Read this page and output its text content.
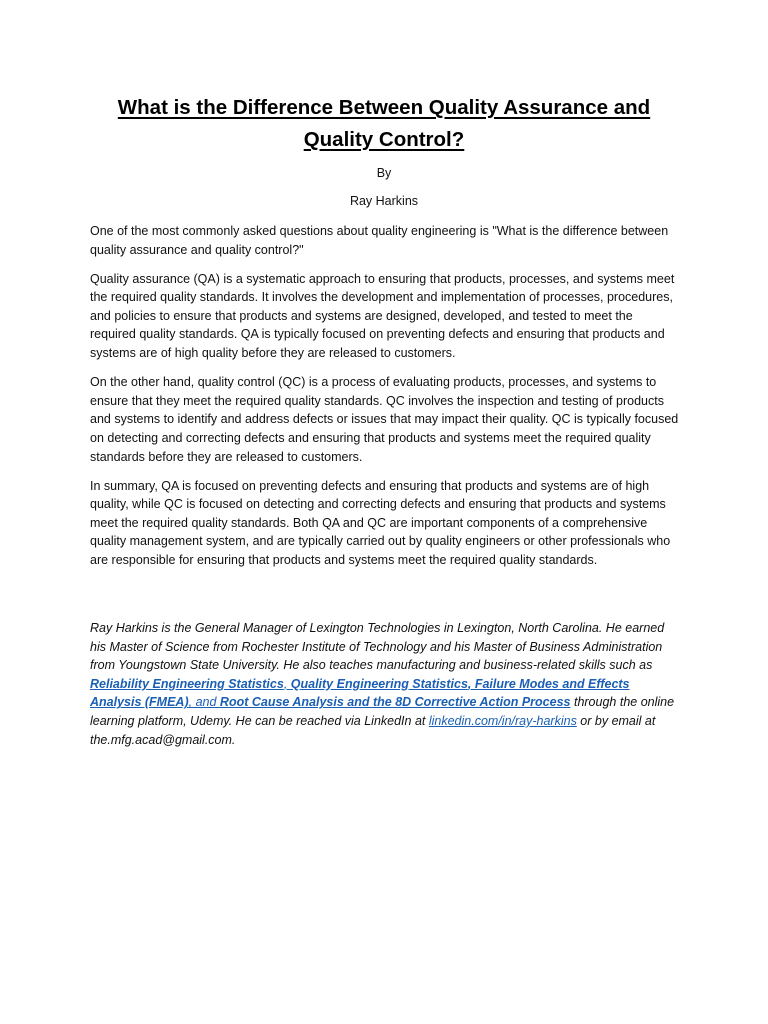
What is the Difference Between Quality Assurance and Quality Control?

By

Ray Harkins

One of the most commonly asked questions about quality engineering is "What is the difference between quality assurance and quality control?"

Quality assurance (QA) is a systematic approach to ensuring that products, processes, and systems meet the required quality standards. It involves the development and implementation of processes, procedures, and policies to ensure that products and systems are designed, developed, and tested to meet the required quality standards. QA is typically focused on preventing defects and ensuring that products and systems are of high quality before they are released to customers.

On the other hand, quality control (QC) is a process of evaluating products, processes, and systems to ensure that they meet the required quality standards. QC involves the inspection and testing of products and systems to identify and address defects or issues that may impact their quality. QC is typically focused on detecting and correcting defects and ensuring that products and systems meet the required quality standards before they are released to customers.

In summary, QA is focused on preventing defects and ensuring that products and systems are of high quality, while QC is focused on detecting and correcting defects and ensuring that products and systems meet the required quality standards. Both QA and QC are important components of a comprehensive quality management system, and are typically carried out by quality engineers or other professionals who are responsible for ensuring that products and systems meet the required quality standards.

Ray Harkins is the General Manager of Lexington Technologies in Lexington, North Carolina. He earned his Master of Science from Rochester Institute of Technology and his Master of Business Administration from Youngstown State University. He also teaches manufacturing and business-related skills such as Reliability Engineering Statistics, Quality Engineering Statistics, Failure Modes and Effects Analysis (FMEA), and Root Cause Analysis and the 8D Corrective Action Process through the online learning platform, Udemy. He can be reached via LinkedIn at linkedin.com/in/ray-harkins or by email at the.mfg.acad@gmail.com.
